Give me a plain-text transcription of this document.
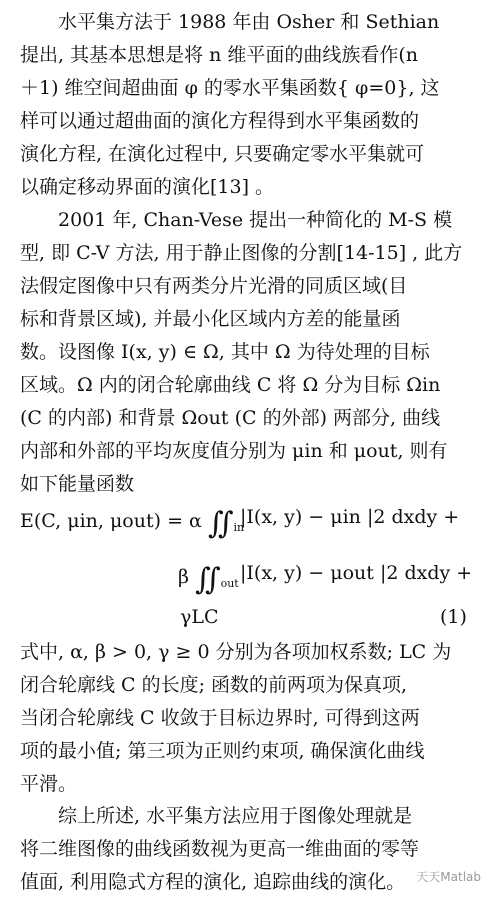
水平集方法于 1988 年由 Osher 和 Sethian
提出, 其基本思想是将 n 维平面的曲线族看作(n
＋1) 维空间超曲面 φ 的零水平集函数{ φ=0}, 这
样可以通过超曲面的演化方程得到水平集函数的
演化方程, 在演化过程中, 只要确定零水平集就可
以确定移动界面的演化[13] 。
2001 年, Chan-Vese 提出一种简化的 M-S 模
型, 即 C-V 方法, 用于静止图像的分割[14-15] , 此方
法假定图像中只有两类分片光滑的同质区域(目
标和背景区域), 并最小化区域内方差的能量函
数。设图像 I(x, y) ∈ Ω, 其中 Ω 为待处理的目标
区域。Ω 内的闭合轮廓曲线 C 将 Ω 分为目标 Ωin
(C 的内部) 和背景 Ωout (C 的外部) 两部分, 曲线
内部和外部的平均灰度值分别为 μin 和 μout, 则有
如下能量函数
E(C, μin, μout) = α $∬_{in}$
|I(x, y) − μin |2 dxdy +
β $∬_{out}$ |I(x, y) − μout |2 dxdy +
γLC	(1)
式中, α, β > 0, γ ≥ 0 分别为各项加权系数; LC 为
闭合轮廓线 C 的长度; 函数的前两项为保真项,
当闭合轮廓线 C 收敛于目标边界时, 可得到这两
项的最小值; 第三项为正则约束项, 确保演化曲线
平滑。
综上所述, 水平集方法应用于图像处理就是
将二维图像的曲线函数视为更高一维曲面的零等
值面, 利用隐式方程的演化, 追踪曲线的演化。 天天Matlab
